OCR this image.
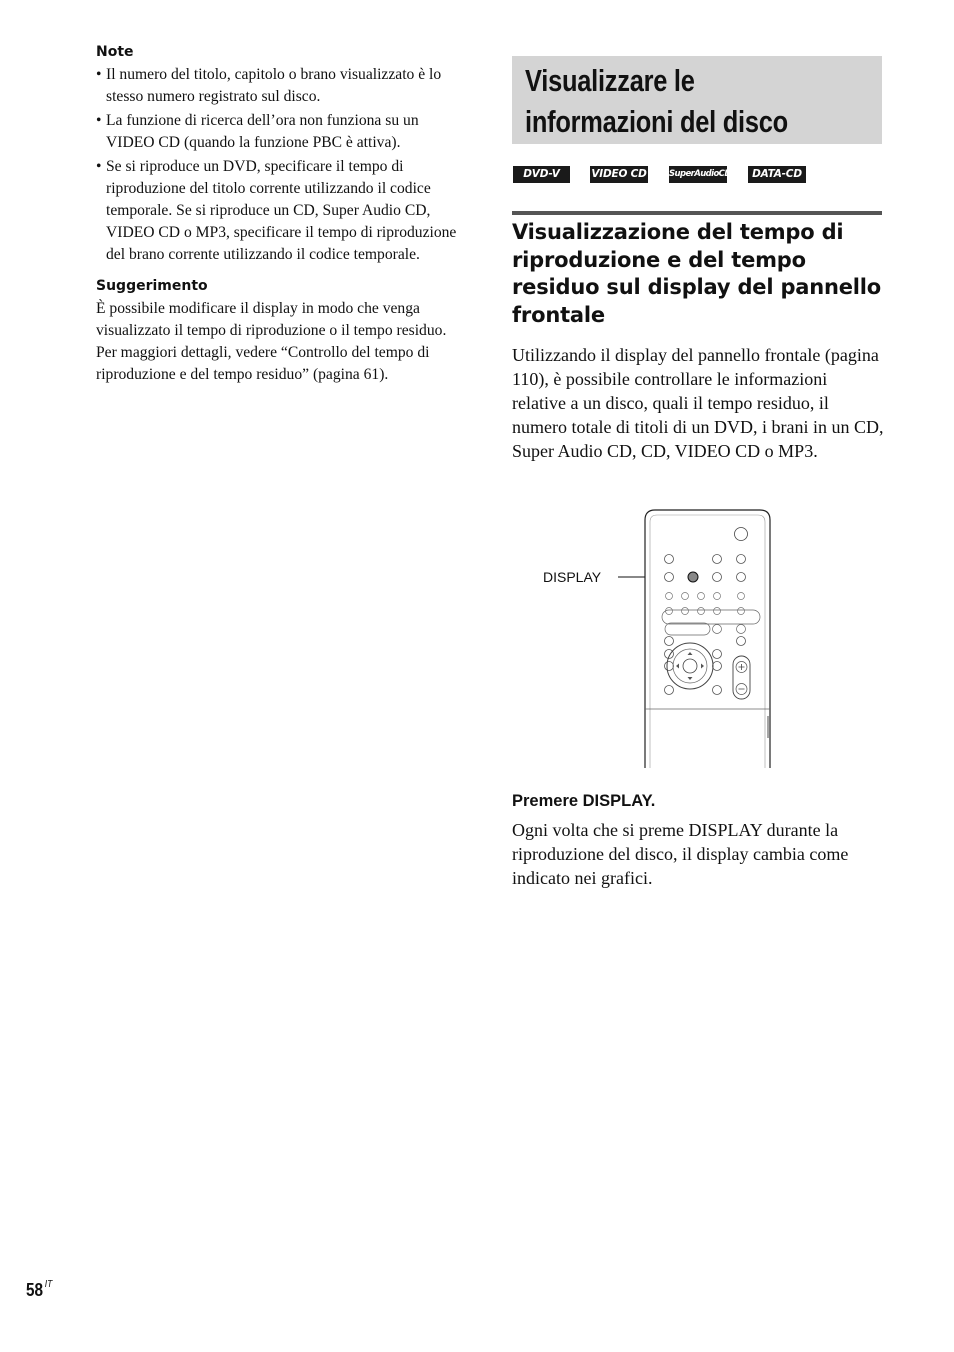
Note
• Il numero del titolo, capitolo o brano visualizzato è lo stesso numero registrato sul disco.
• La funzione di ricerca dell’ora non funziona su un VIDEO CD (quando la funzione PBC è attiva).
• Se si riproduce un DVD, specificare il tempo di riproduzione del titolo corrente utilizzando il codice temporale. Se si riproduce un CD, Super Audio CD, VIDEO CD o MP3, specificare il tempo di riproduzione del brano corrente utilizzando il codice temporale.
Suggerimento

È possibile modificare il display in modo che venga visualizzato il tempo di riproduzione o il tempo residuo. Per maggiori dettagli, vedere “Controllo del tempo di riproduzione e del tempo residuo” (pagina 61).

Visualizzare le
informazioni del disco
DVD-V	VIDEO CD	SuperAudioCD	DATA-CD
Visualizzazione del tempo di riproduzione e del tempo residuo sul display del pannello frontale

Utilizzando il display del pannello frontale (pagina 110), è possibile controllare le informazioni relative a un disco, quali il tempo residuo, il numero totale di titoli di un DVD, i brani in un CD, Super Audio CD, CD, VIDEO CD o MP3.

DISPLAY

Premere DISPLAY.

Ogni volta che si preme DISPLAY durante la riproduzione del disco, il display cambia come indicato nei grafici.

58 $^{IT}$
